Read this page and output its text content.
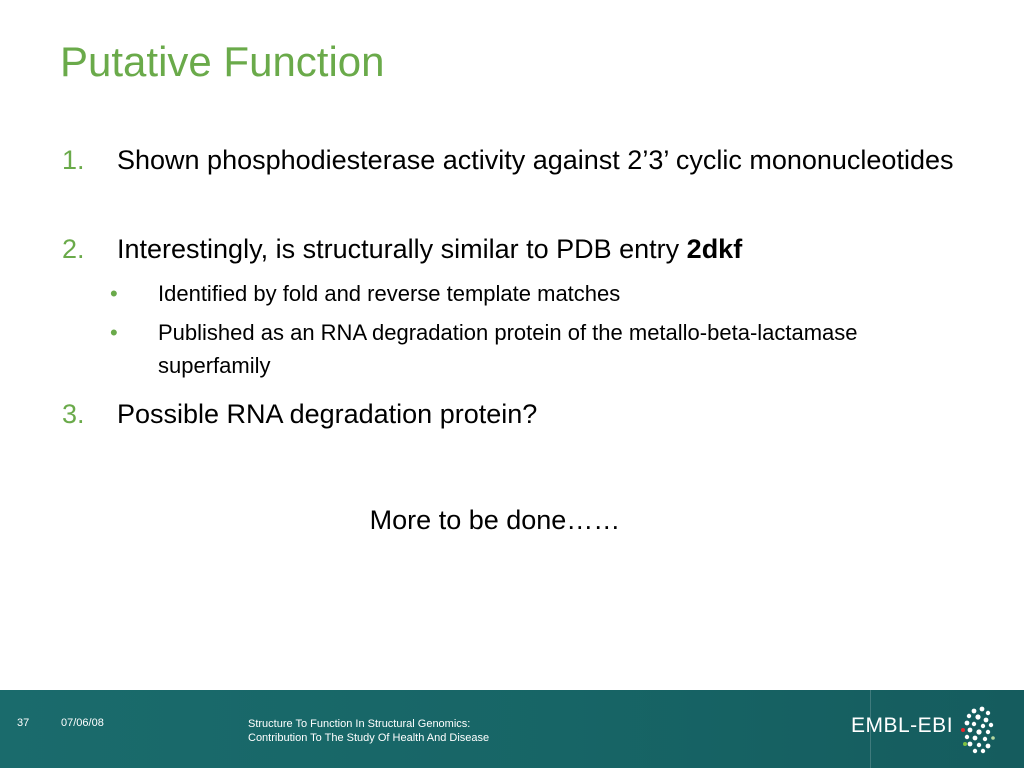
Putative Function
1. Shown phosphodiesterase activity against 2’3’ cyclic mononucleotides
2. Interestingly, is structurally similar to PDB entry 2dkf
• Identified by fold and reverse template matches
• Published as an RNA degradation protein of the metallo-beta-lactamase superfamily
3. Possible RNA degradation protein?
More to be done……
37	07/06/08	Structure To Function In Structural Genomics:
Contribution To The Study Of Health And Disease
EMBL-EBI
